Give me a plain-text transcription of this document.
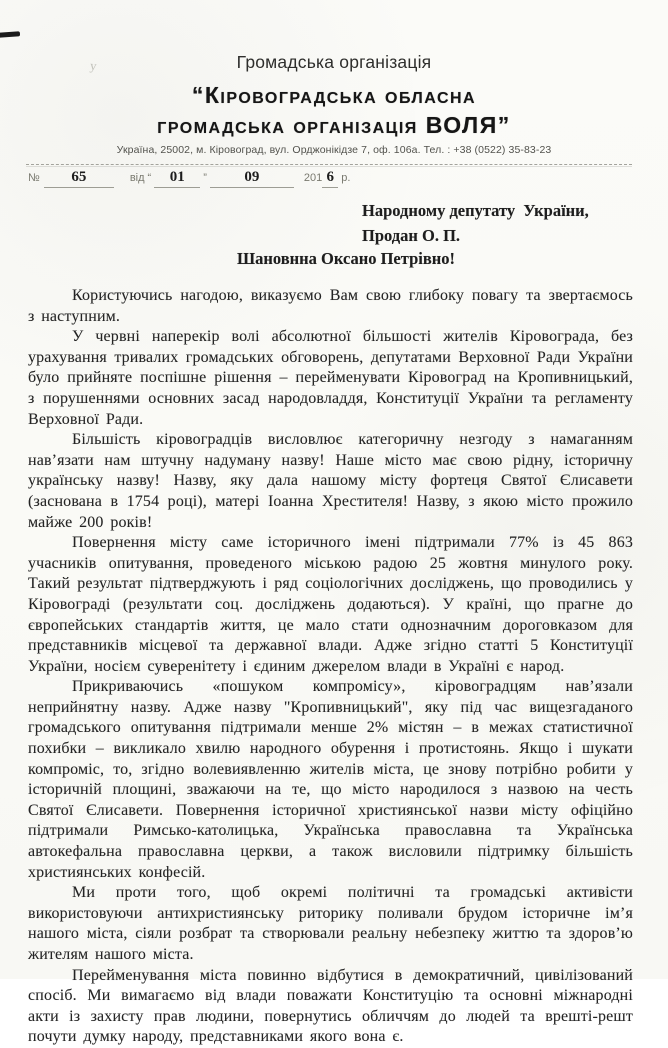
у	Громадська організація
“Кіровоградська обласна
громадська організація ВОЛЯ”
Україна, 25002, м. Кіровоград, вул. Орджонікідзе 7, оф. 106а. Тел. : +38 (0522) 35-83-23
№	65	від “	01	”	09	201 6 р.
Народному депутату  України,
Продан О. П.
Шановнна Оксано Петрівно!

Користуючись нагодою, виказуємо Вам свою глибоку повагу та звертаємось з наступним.

У червні наперекір волі абсолютної більшості жителів Кіровограда, без урахування тривалих громадських обговорень, депутатами Верховної Ради України було прийняте поспішне рішення – перейменувати Кіровоград на Кропивницький, з порушеннями основних засад народовладдя, Конституції України та регламенту Верховної Ради.

Більшість кіровоградців висловлює категоричну незгоду з намаганням нав’язати нам штучну надуману назву! Наше місто має свою рідну, історичну українську назву! Назву, яку дала нашому місту фортеця Святої Єлисавети (заснована в 1754 році), матері Іоанна Хрестителя! Назву, з якою місто прожило майже 200 років!

Повернення місту саме історичного імені підтримали 77% із 45 863 учасників опитування, проведеного міською радою 25 жовтня минулого року. Такий результат підтверджують і ряд соціологічних досліджень, що проводились у Кіровограді (результати соц. досліджень додаються). У країні, що прагне до європейських стандартів життя, це мало стати однозначним дороговказом для представників місцевої та державної влади. Адже згідно статті 5 Конституції України, носієм суверенітету і єдиним джерелом влади в Україні є народ.

Прикриваючись «пошуком компромісу», кіровоградцям нав’язали неприйнятну назву. Адже назву "Кропивницький", яку під час вищезгаданого громадського опитування підтримали менше 2% містян – в межах статистичної похибки – викликало хвилю народного обурення і протистоянь. Якщо і шукати компроміс, то, згідно волевиявленню жителів міста, це знову потрібно робити у історичній площині, зважаючи на те, що місто народилося з назвою на честь Святої Єлисавети. Повернення історичної християнської назви місту офіційно підтримали Римсько-католицька, Українська православна та Українська автокефальна православна церкви, а також висловили підтримку більшість християнських конфесій.

Ми проти того, щоб окремі політичні та громадські активісти використовуючи антихристиянську риторику поливали брудом історичне ім’я нашого міста, сіяли розбрат та створювали реальну небезпеку життю та здоров’ю жителям нашого міста.

Перейменування міста повинно відбутися в демократичний, цивілізований спосіб. Ми вимагаємо від влади поважати Конституцію та основні міжнародні акти із захисту прав людини, повернутись обличчям до людей та врешті-решт почути думку народу, представниками якого вона є.
